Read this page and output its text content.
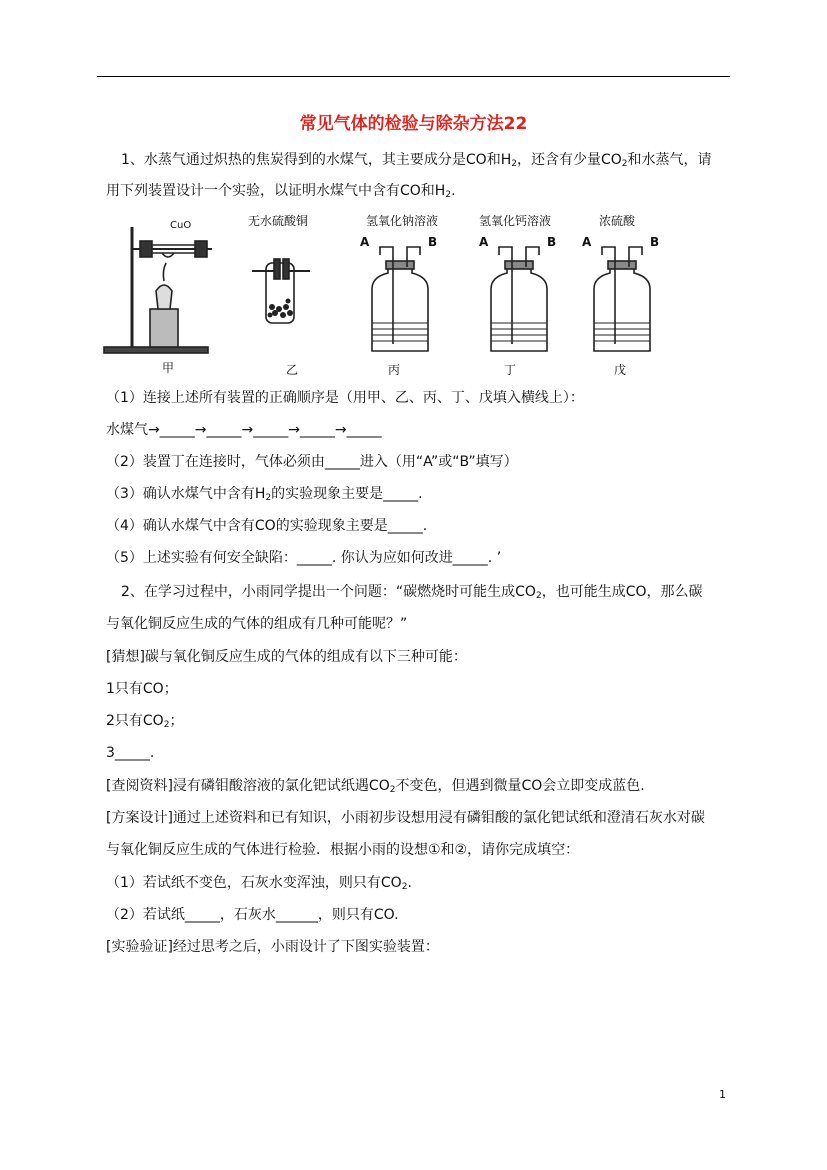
常见气体的检验与除杂方法22
1、水蒸气通过炽热的焦炭得到的水煤气，其主要成分是CO和$H_2$，还含有少量$CO_2$和水蒸气，请
用下列装置设计一个实验，以证明水煤气中含有CO和$H_2$.
CuO	无水硫酸铜	氢氧化钠溶液	氢氧化钙溶液	浓硫酸
A	B	A	B A	B
甲	乙	丙	丁	戊
（1）连接上述所有装置的正确顺序是（用甲、乙、丙、丁、戊填入横线上）：
水煤气→_____→_____→_____→_____→_____
（2）装置丁在连接时，气体必须由_____进入（用“A”或“B”填写）
（3）确认水煤气中含有$H_2$的实验现象主要是_____.
（4）确认水煤气中含有CO的实验现象主要是_____.
（5）上述实验有何安全缺陷：_____. 你认为应如何改进_____. ’
2、在学习过程中，小雨同学提出一个问题：“碳燃烧时可能生成$CO_2$，也可能生成CO，那么碳
与氧化铜反应生成的气体的组成有几种可能呢？”
[猜想]碳与氧化铜反应生成的气体的组成有以下三种可能：
1只有CO；
2只有$CO_2$；
3_____.
[查阅资料]浸有磷钼酸溶液的氯化钯试纸遇$CO_2$不变色，但遇到微量CO会立即变成蓝色.
[方案设计]通过上述资料和已有知识，小雨初步设想用浸有磷钼酸的氯化钯试纸和澄清石灰水对碳
与氧化铜反应生成的气体进行检验．根据小雨的设想①和②，请你完成填空：
（1）若试纸不变色，石灰水变浑浊，则只有$CO_2$.
（2）若试纸_____，石灰水______，则只有CO.
[实验验证]经过思考之后，小雨设计了下图实验装置：
1
